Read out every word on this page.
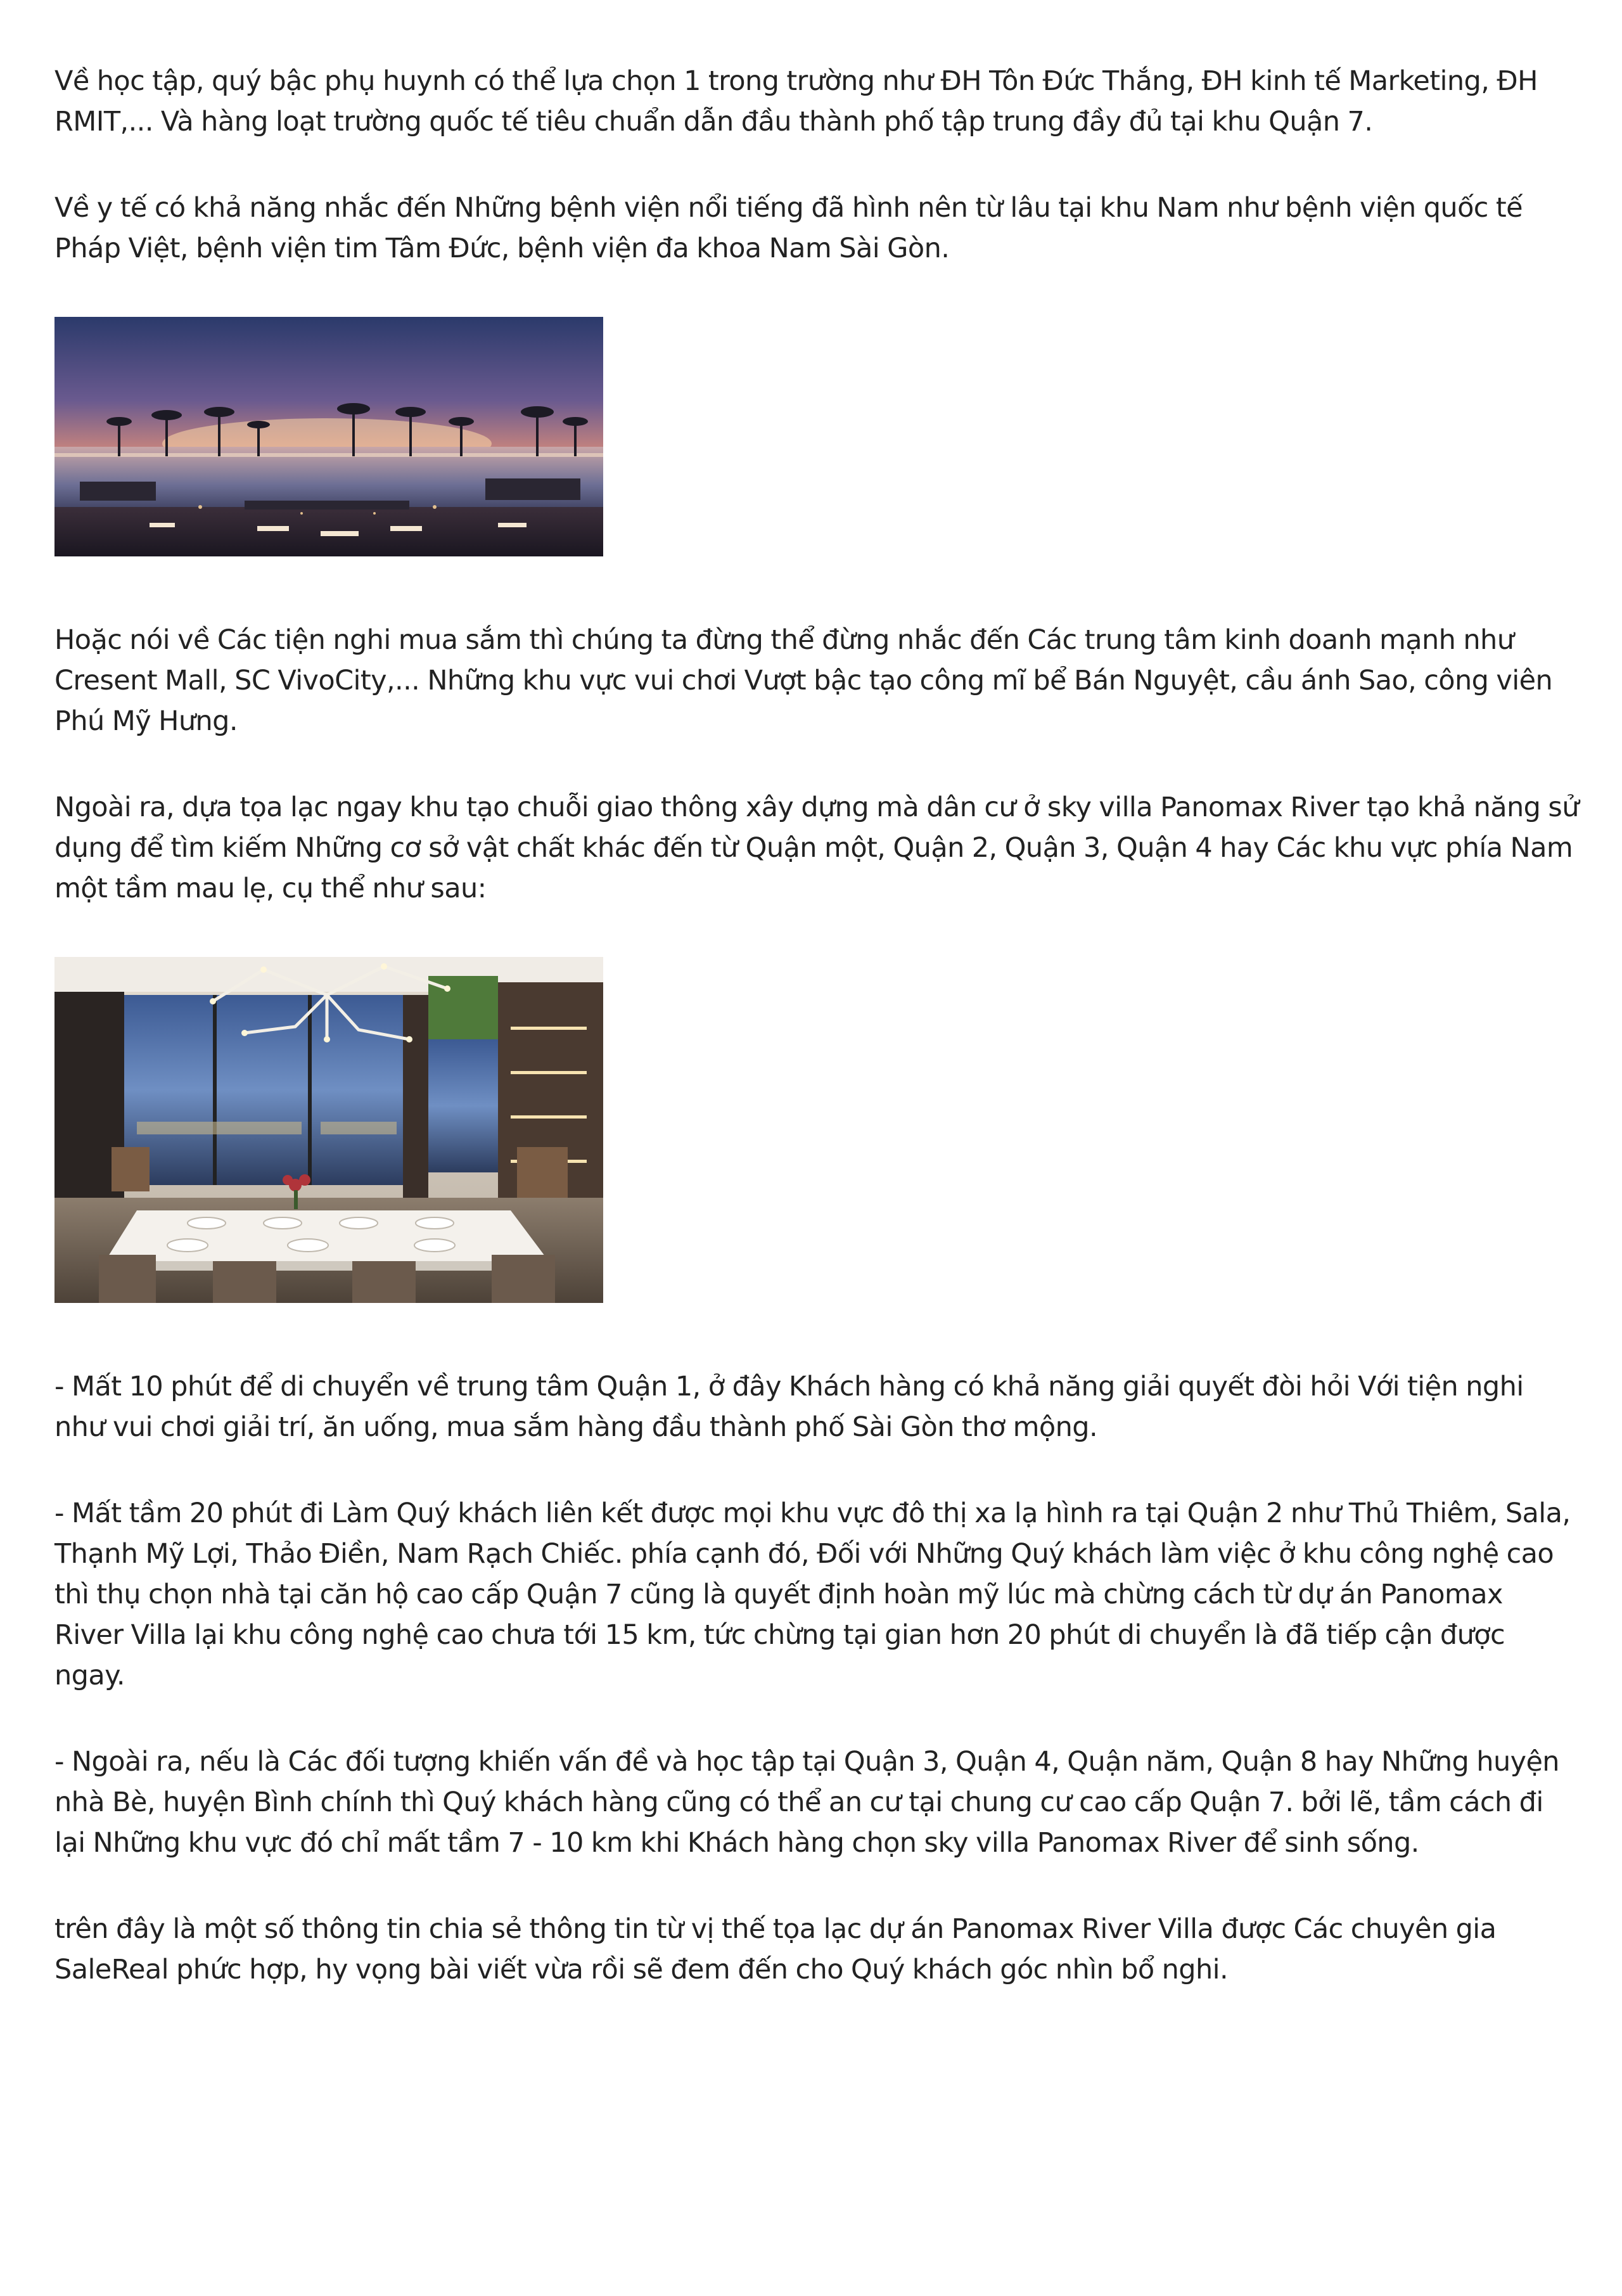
Về học tập, quý bậc phụ huynh có thể lựa chọn 1 trong trường như ĐH Tôn Đức Thắng, ĐH kinh tế Marketing, ĐH RMIT,... Và hàng loạt trường quốc tế tiêu chuẩn dẫn đầu thành phố tập trung đầy đủ tại khu Quận 7.

Về y tế có khả năng nhắc đến Những bệnh viện nổi tiếng đã hình nên từ lâu tại khu Nam như bệnh viện quốc tế Pháp Việt, bệnh viện tim Tâm Đức, bệnh viện đa khoa Nam Sài Gòn.

Hoặc nói về Các tiện nghi mua sắm thì chúng ta đừng thể đừng nhắc đến Các trung tâm kinh doanh mạnh như Cresent Mall, SC VivoCity,... Những khu vực vui chơi Vượt bậc tạo công mĩ bể Bán Nguyệt, cầu ánh Sao, công viên Phú Mỹ Hưng.

Ngoài ra, dựa tọa lạc ngay khu tạo chuỗi giao thông xây dựng mà dân cư ở sky villa Panomax River tạo khả năng sử dụng để tìm kiếm Những cơ sở vật chất khác đến từ Quận một, Quận 2, Quận 3, Quận 4 hay Các khu vực phía Nam một tầm mau lẹ, cụ thể như sau:

- Mất 10 phút để di chuyển về trung tâm Quận 1, ở đây Khách hàng có khả năng giải quyết đòi hỏi Với tiện nghi như vui chơi giải trí, ăn uống, mua sắm hàng đầu thành phố Sài Gòn thơ mộng.

- Mất tầm 20 phút đi Làm Quý khách liên kết được mọi khu vực đô thị xa lạ hình ra tại Quận 2 như Thủ Thiêm, Sala, Thạnh Mỹ Lợi, Thảo Điền, Nam Rạch Chiếc. phía cạnh đó, Đối với Những Quý khách làm việc ở khu công nghệ cao thì thụ chọn nhà tại căn hộ cao cấp Quận 7 cũng là quyết định hoàn mỹ lúc mà chừng cách từ dự án Panomax River Villa lại khu công nghệ cao chưa tới 15 km, tức chừng tại gian hơn 20 phút di chuyển là đã tiếp cận được ngay.

- Ngoài ra, nếu là Các đối tượng khiến vấn đề và học tập tại Quận 3, Quận 4, Quận năm, Quận 8 hay Những huyện nhà Bè, huyện Bình chính thì Quý khách hàng cũng có thể an cư tại chung cư cao cấp Quận 7. bởi lẽ, tầm cách đi lại Những khu vực đó chỉ mất tầm 7 - 10 km khi Khách hàng chọn sky villa Panomax River để sinh sống.

trên đây là một số thông tin chia sẻ thông tin từ vị thế tọa lạc dự án Panomax River Villa được Các chuyên gia SaleReal phức hợp, hy vọng bài viết vừa rồi sẽ đem đến cho Quý khách góc nhìn bổ nghi.
